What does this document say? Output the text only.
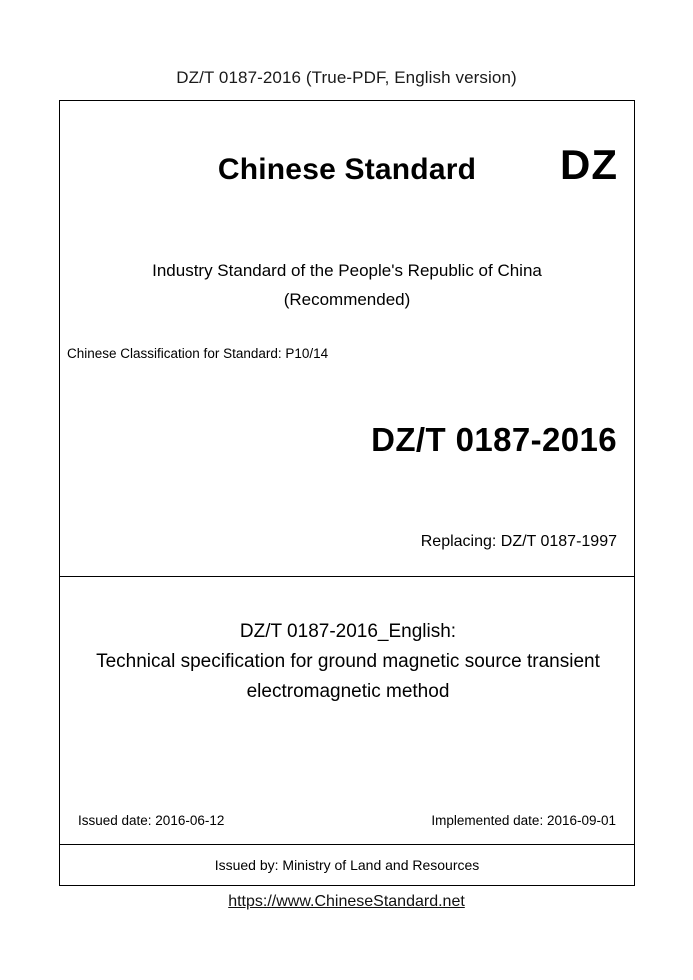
DZ/T 0187-2016 (True-PDF, English version)
Chinese Standard	DZ
Industry Standard of the People's Republic of China
(Recommended)
Chinese Classification for Standard: P10/14
DZ/T 0187-2016
Replacing: DZ/T 0187-1997
DZ/T 0187-2016_English:
Technical specification for ground magnetic source transient
electromagnetic method
Issued date: 2016-06-12	Implemented date: 2016-09-01
Issued by: Ministry of Land and Resources
https://www.ChineseStandard.net
